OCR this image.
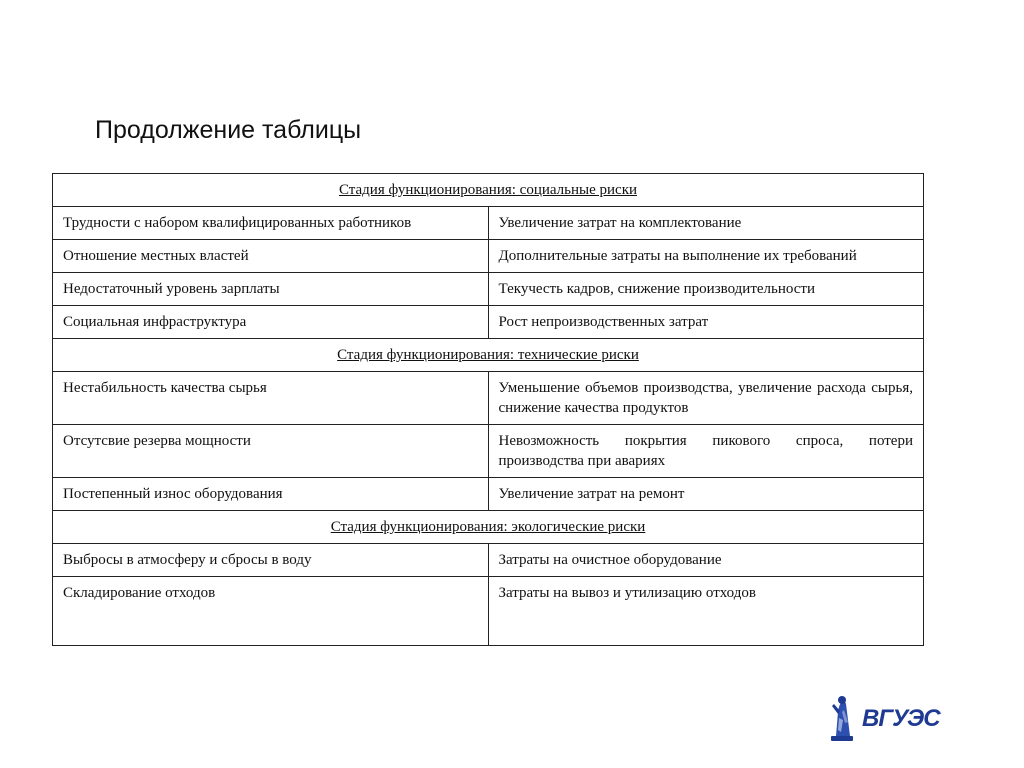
Продолжение таблицы
Стадия функционирования: социальные риски	
Трудности с набором квалифицированных работников	Увеличение затрат на комплектование
Отношение местных властей	Дополнительные затраты на выполнение их требований
Недостаточный уровень зарплаты	Текучесть кадров, снижение производительности
Социальная инфраструктура	Рост непроизводственных затрат
Стадия функционирования: технические риски	
Нестабильность качества сырья	Уменьшение объемов производства, увеличение расхода сырья, снижение качества продуктов
Отсутсвие резерва мощности	Невозможность покрытия пикового спроса, потери производства при авариях
Постепенный износ оборудования	Увеличение затрат на ремонт
Стадия функционирования: экологические риски	
Выбросы в атмосферу и сбросы в воду	Затраты на очистное оборудование
Складирование отходов	Затраты на вывоз и утилизацию отходов
ВГУЭС
